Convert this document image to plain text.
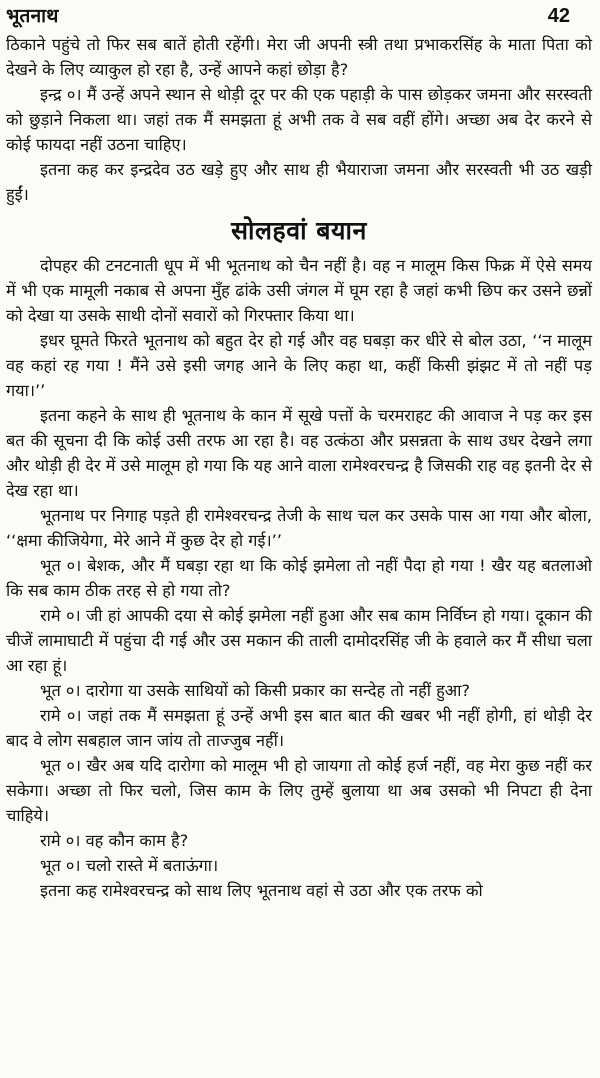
भूतनाथ	42

ठिकाने पहुंचे तो फिर सब बातें होती रहेंगी। मेरा जी अपनी स्त्री तथा प्रभाकरसिंह के माता पिता को देखने के लिए व्याकुल हो रहा है, उन्हें आपने कहां छोड़ा है?

इन्द्र ०। मैं उन्हें अपने स्थान से थोड़ी दूर पर की एक पहाड़ी के पास छोड़कर जमना और सरस्वती को छुड़ाने निकला था। जहां तक मैं समझता हूं अभी तक वे सब वहीं होंगे। अच्छा अब देर करने से कोई फायदा नहीं उठना चाहिए।

इतना कह कर इन्द्रदेव उठ खड़े हुए और साथ ही भैयाराजा जमना और सरस्वती भी उठ खड़ी हुईं।

सोलहवां बयान

दोपहर की टनटनाती धूप में भी भूतनाथ को चैन नहीं है। वह न मालूम किस फिक्र में ऐसे समय में भी एक मामूली नकाब से अपना मुँह ढांके उसी जंगल में घूम रहा है जहां कभी छिप कर उसने छन्नों को देखा या उसके साथी दोनों सवारों को गिरफ्तार किया था।

इधर घूमते फिरते भूतनाथ को बहुत देर हो गई और वह घबड़ा कर धीरे से बोल उठा, ‘‘न मालूम वह कहां रह गया ! मैंने उसे इसी जगह आने के लिए कहा था, कहीं किसी झंझट में तो नहीं पड़ गया।’’

इतना कहने के साथ ही भूतनाथ के कान में सूखे पत्तों के चरमराहट की आवाज ने पड़ कर इस बत की सूचना दी कि कोई उसी तरफ आ रहा है। वह उत्कंठा और प्रसन्नता के साथ उधर देखने लगा और थोड़ी ही देर में उसे मालूम हो गया कि यह आने वाला रामेश्वरचन्द्र है जिसकी राह वह इतनी देर से देख रहा था।

भूतनाथ पर निगाह पड़ते ही रामेश्वरचन्द्र तेजी के साथ चल कर उसके पास आ गया और बोला, ‘‘क्षमा कीजियेगा, मेरे आने में कुछ देर हो गई।’’

भूत ०। बेशक, और मैं घबड़ा रहा था कि कोई झमेला तो नहीं पैदा हो गया ! खैर यह बतलाओ कि सब काम ठीक तरह से हो गया तो?

रामे ०। जी हां आपकी दया से कोई झमेला नहीं हुआ और सब काम निर्विघ्न हो गया। दूकान की चीजें लामाघाटी में पहुंचा दी गई और उस मकान की ताली दामोदरसिंह जी के हवाले कर मैं सीधा चला आ रहा हूं।

भूत ०। दारोगा या उसके साथियों को किसी प्रकार का सन्देह तो नहीं हुआ?

रामे ०। जहां तक मैं समझता हूं उन्हें अभी इस बात बात की खबर भी नहीं होगी, हां थोड़ी देर बाद वे लोग सबहाल जान जांय तो ताज्जुब नहीं।

भूत ०। खैर अब यदि दारोगा को मालूम भी हो जायगा तो कोई हर्ज नहीं, वह मेरा कुछ नहीं कर सकेगा। अच्छा तो फिर चलो, जिस काम के लिए तुम्हें बुलाया था अब उसको भी निपटा ही देना चाहिये।

रामे ०। वह कौन काम है?

भूत ०। चलो रास्ते में बताऊंगा।

इतना कह रामेश्वरचन्द्र को साथ लिए भूतनाथ वहां से उठा और एक तरफ को
